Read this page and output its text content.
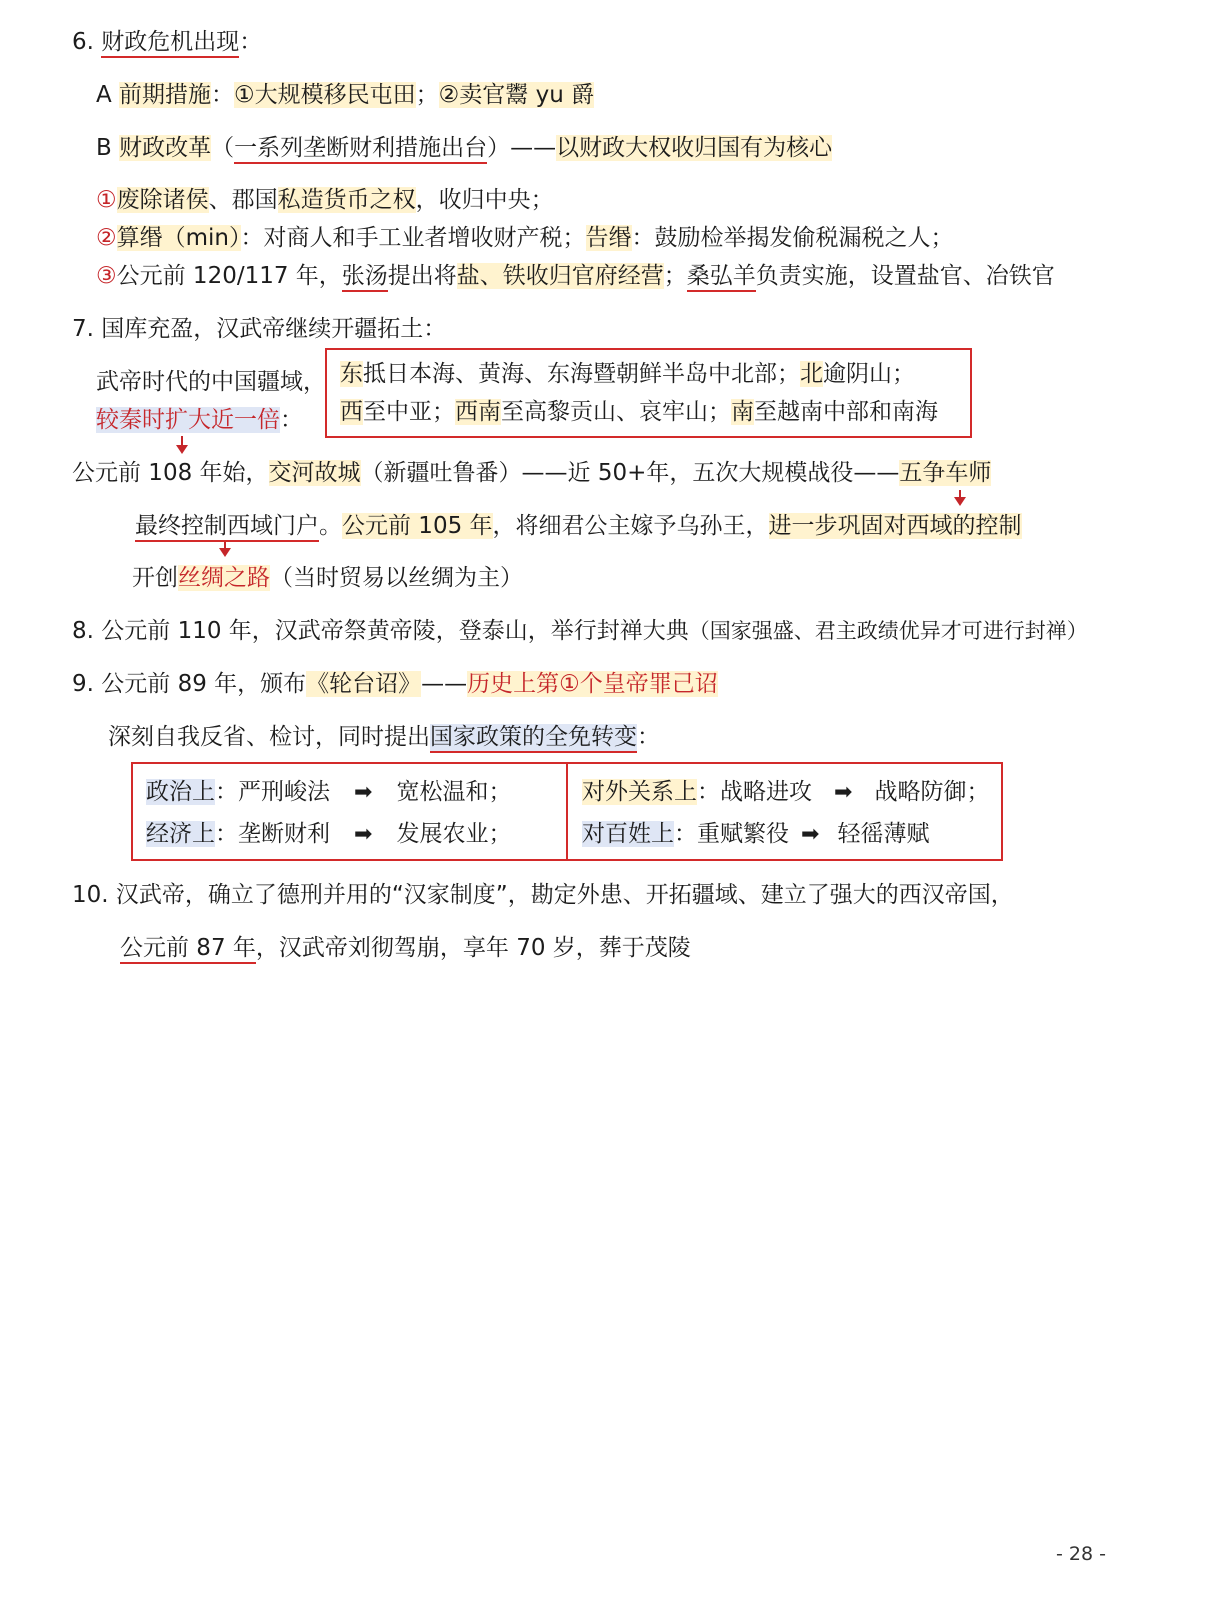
6. 财政危机出现：
A 前期措施：①大规模移民屯田；②卖官鬻 yu 爵
B 财政改革（一系列垄断财利措施出台）——以财政大权收归国有为核心
①废除诸侯、郡国私造货币之权，收归中央；
②算缗（min）：对商人和手工业者增收财产税；告缗：鼓励检举揭发偷税漏税之人；
③公元前 120/117 年，张汤提出将盐、铁收归官府经营；桑弘羊负责实施，设置盐官、冶铁官
7. 国库充盈，汉武帝继续开疆拓土：
武帝时代的中国疆域，
较秦时扩大近一倍：
东抵日本海、黄海、东海暨朝鲜半岛中北部；北逾阴山；
西至中亚；西南至高黎贡山、哀牢山；南至越南中部和南海
公元前 108 年始，交河故城（新疆吐鲁番）——近 50+年，五次大规模战役——五争车师
最终控制西域门户。公元前 105 年，将细君公主嫁予乌孙王，进一步巩固对西域的控制
开创丝绸之路（当时贸易以丝绸为主）
8. 公元前 110 年，汉武帝祭黄帝陵，登泰山，举行封禅大典（国家强盛、君主政绩优异才可进行封禅）
9. 公元前 89 年，颁布《轮台诏》——历史上第①个皇帝罪己诏
深刻自我反省、检讨，同时提出国家政策的全免转变：
政治上：严刑峻法 ➡ 宽松温和；
经济上：垄断财利 ➡ 发展农业；
对外关系上：战略进攻 ➡ 战略防御；
对百姓上：重赋繁役 ➡ 轻徭薄赋
10. 汉武帝，确立了德刑并用的“汉家制度”，勘定外患、开拓疆域、建立了强大的西汉帝国，
公元前 87 年，汉武帝刘彻驾崩，享年 70 岁，葬于茂陵
- 28 -
